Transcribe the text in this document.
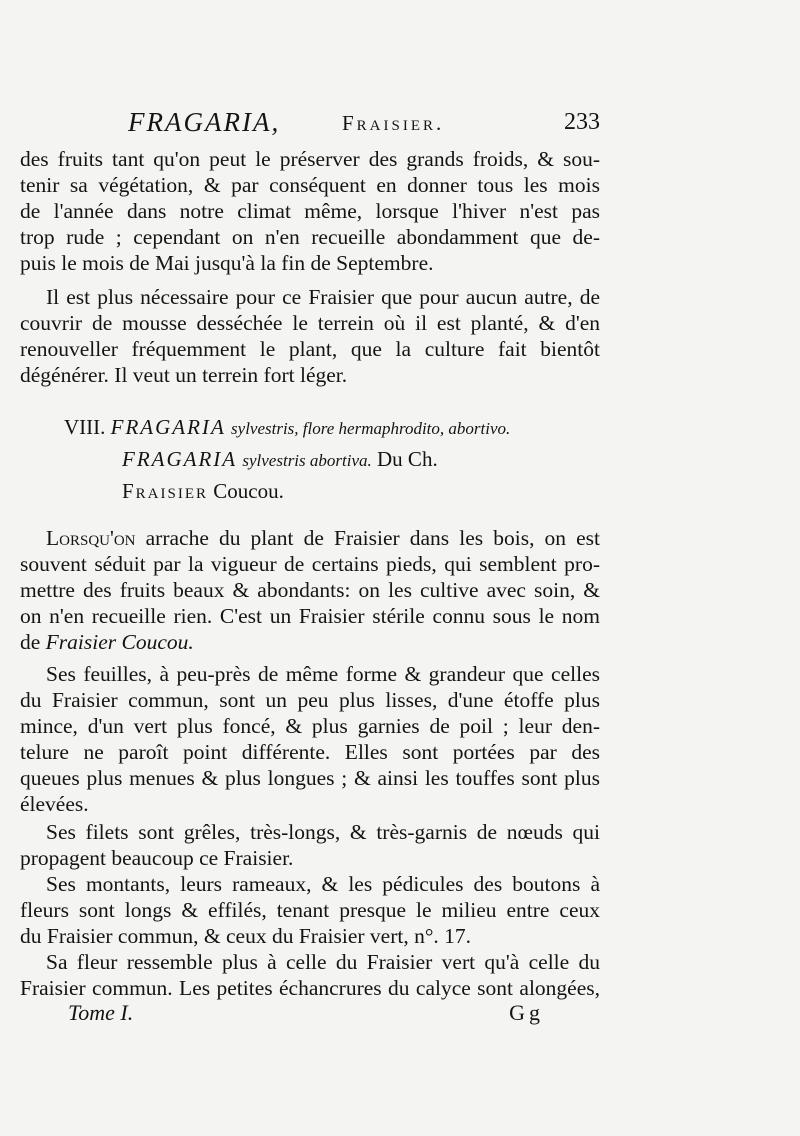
FRAGARIA,	Fraisier.	233
des fruits tant qu'on peut le préserver des grands froids, & sou-
tenir sa végétation, & par conséquent en donner tous les mois
de l'année dans notre climat même, lorsque l'hiver n'est pas
trop rude ; cependant on n'en recueille abondamment que de-
puis le mois de Mai jusqu'à la fin de Septembre.
Il est plus nécessaire pour ce Fraisier que pour aucun autre, de
couvrir de mousse desséchée le terrein où il est planté, & d'en
renouveller fréquemment le plant, que la culture fait bientôt
dégénérer. Il veut un terrein fort léger.
VIII. FRAGARIA sylvestris, flore hermaphrodito, abortivo.
FRAGARIA sylvestris abortiva. Du Ch.
Fraisier Coucou.
Lorsqu'on arrache du plant de Fraisier dans les bois, on est
souvent séduit par la vigueur de certains pieds, qui semblent pro-
mettre des fruits beaux & abondants: on les cultive avec soin, &
on n'en recueille rien. C'est un Fraisier stérile connu sous le nom
de Fraisier Coucou.
Ses feuilles, à peu-près de même forme & grandeur que celles
du Fraisier commun, sont un peu plus lisses, d'une étoffe plus
mince, d'un vert plus foncé, & plus garnies de poil ; leur den-
telure ne paroît point différente. Elles sont portées par des
queues plus menues & plus longues ; & ainsi les touffes sont plus
élevées.
Ses filets sont grêles, très-longs, & très-garnis de nœuds qui
propagent beaucoup ce Fraisier.
Ses montants, leurs rameaux, & les pédicules des boutons à
fleurs sont longs & effilés, tenant presque le milieu entre ceux
du Fraisier commun, & ceux du Fraisier vert, n°. 17.
Sa fleur ressemble plus à celle du Fraisier vert qu'à celle du
Fraisier commun. Les petites échancrures du calyce sont alongées,
Tome I.	Gg
